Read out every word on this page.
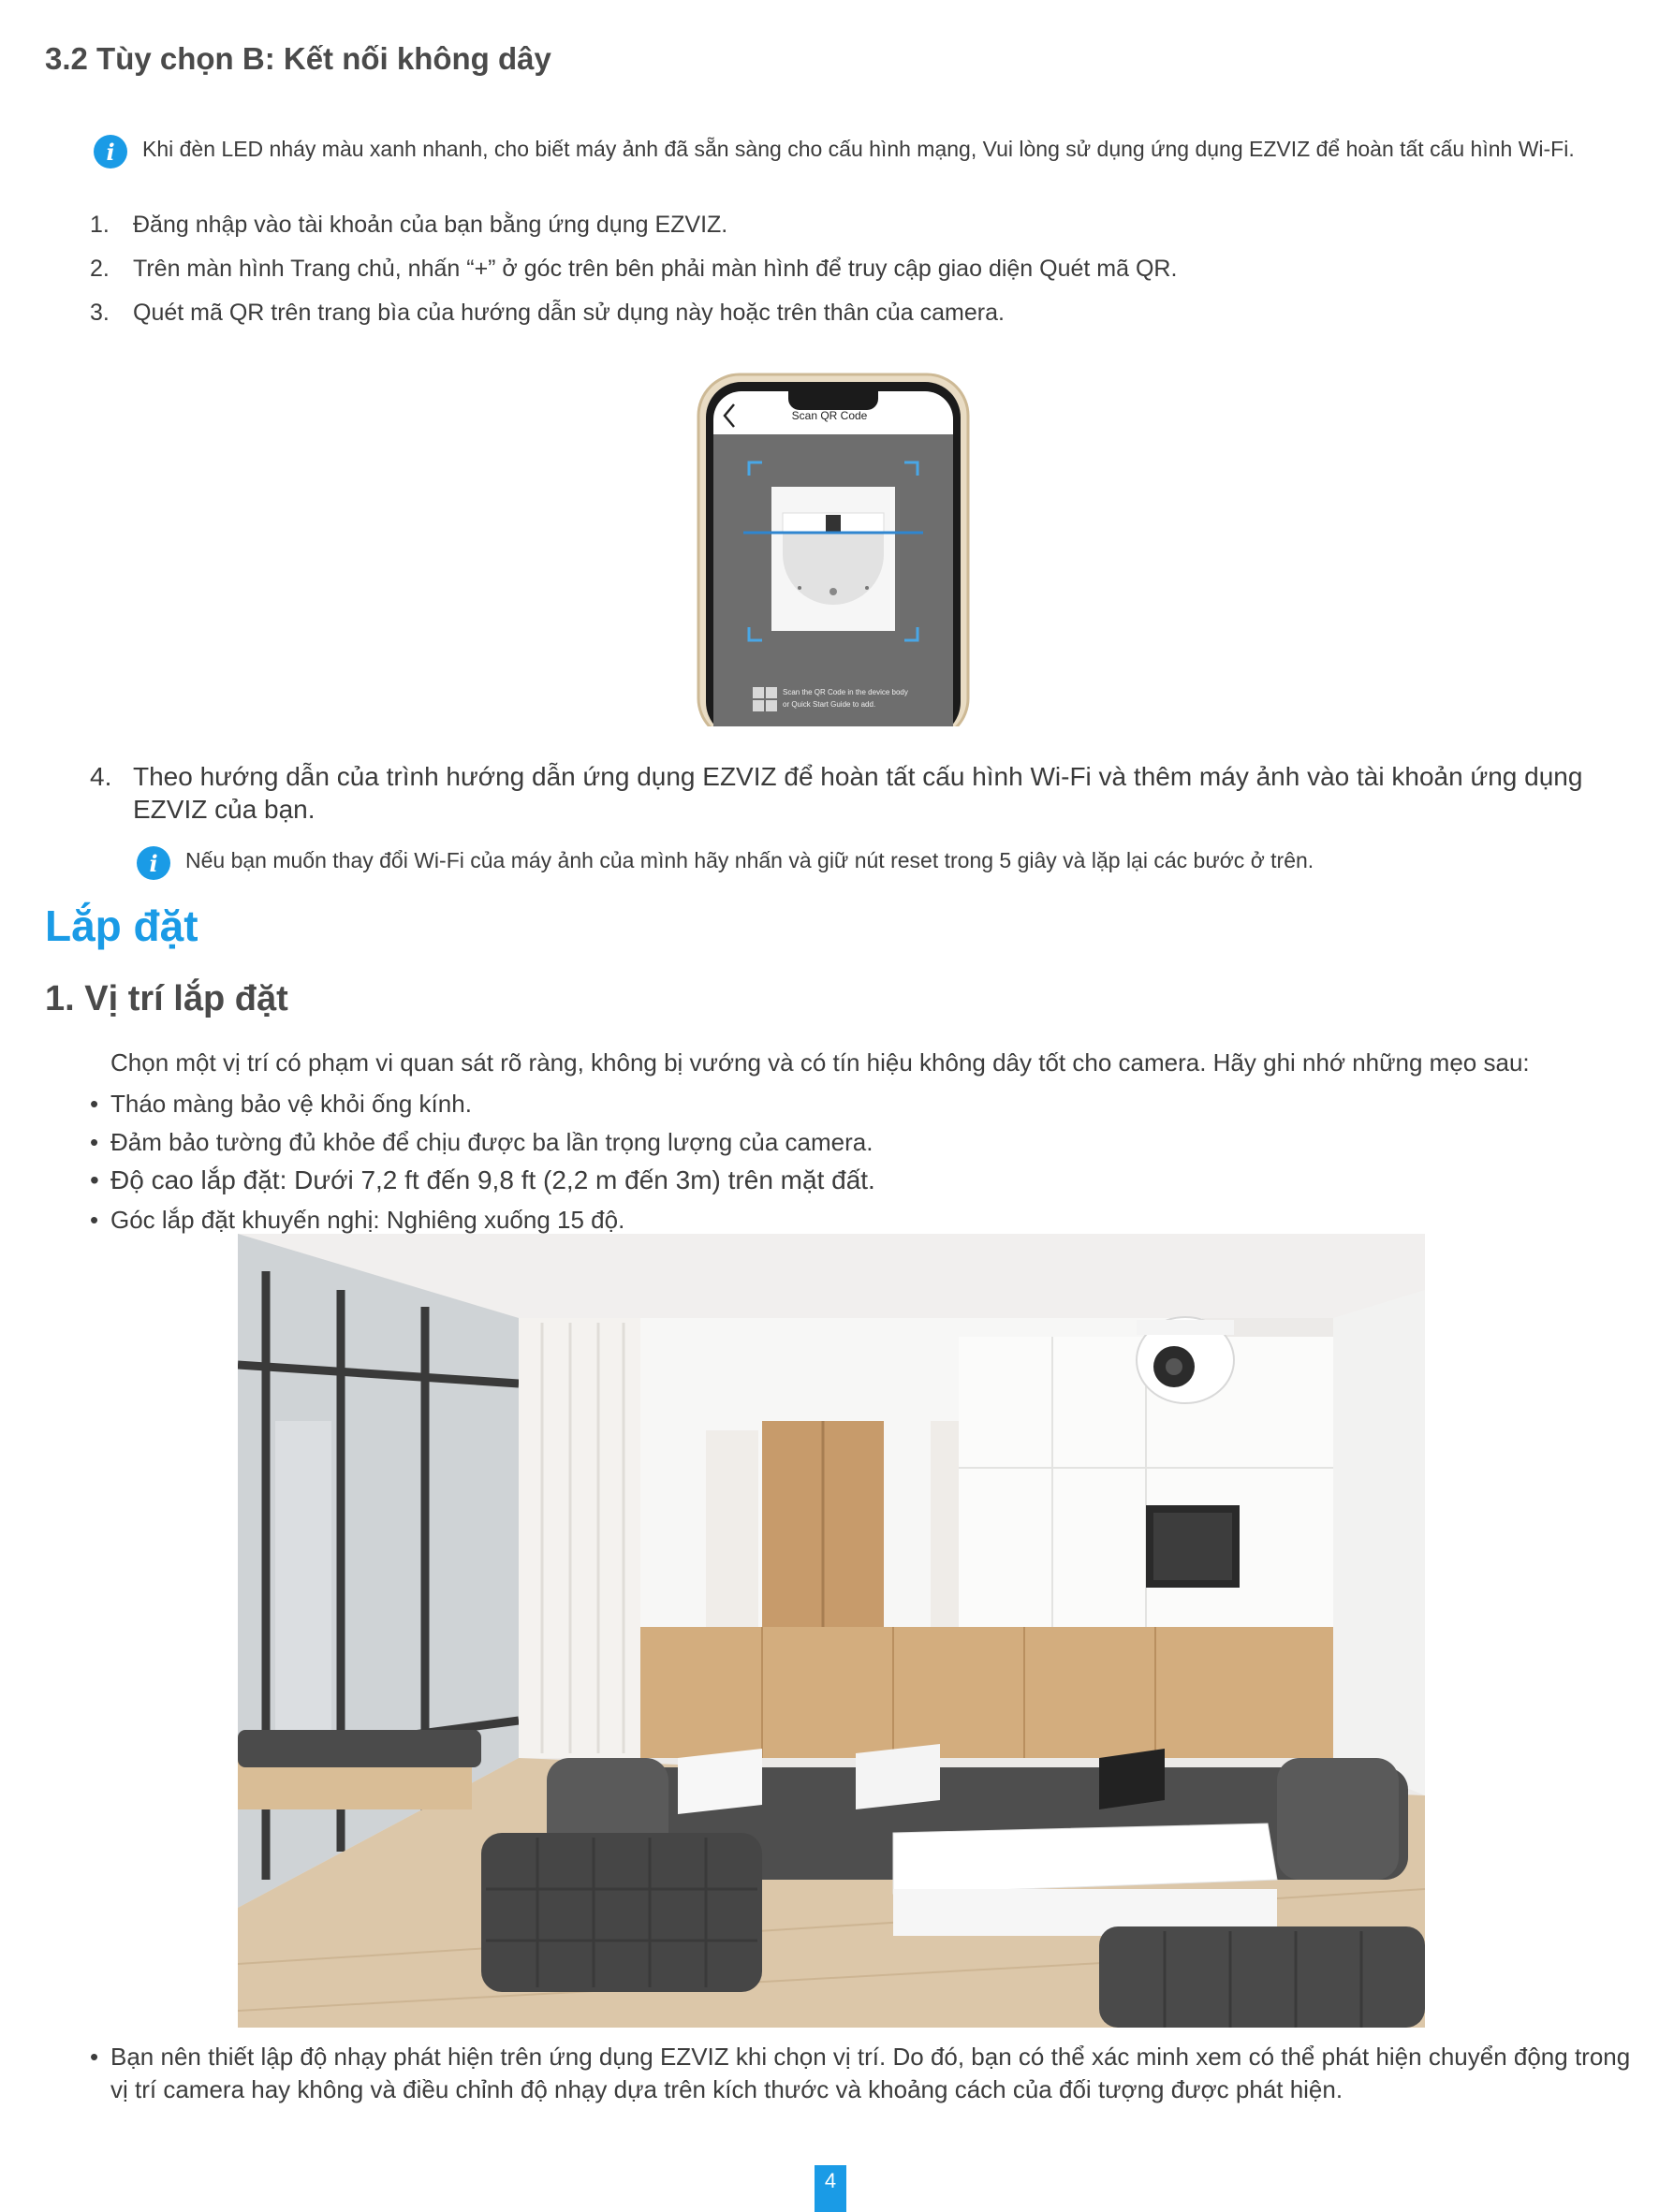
3.2 Tùy chọn B: Kết nối không dây
i	Khi đèn LED nháy màu xanh nhanh, cho biết máy ảnh đã sẵn sàng cho cấu hình mạng, Vui lòng sử dụng ứng dụng EZVIZ để hoàn tất cấu hình Wi-Fi.
1.	Đăng nhập vào tài khoản của bạn bằng ứng dụng EZVIZ.
2.	Trên màn hình Trang chủ, nhấn “+” ở góc trên bên phải màn hình để truy cập giao diện Quét mã QR.
3.	Quét mã QR trên trang bìa của hướng dẫn sử dụng này hoặc trên thân của camera.
Scan QR Code
Scan the QR Code in the device body
or Quick Start Guide to add.
4. Theo hướng dẫn của trình hướng dẫn ứng dụng EZVIZ để hoàn tất cấu hình Wi-Fi và thêm máy ảnh vào tài khoản ứng dụng EZVIZ của bạn.
i	Nếu bạn muốn thay đổi Wi-Fi của máy ảnh của mình hãy nhấn và giữ nút reset trong 5 giây và lặp lại các bước ở trên.
Lắp đặt
1. Vị trí lắp đặt
Chọn một vị trí có phạm vi quan sát rõ ràng, không bị vướng và có tín hiệu không dây tốt cho camera. Hãy ghi nhớ những mẹo sau:
• Tháo màng bảo vệ khỏi ống kính.
• Đảm bảo tường đủ khỏe để chịu được ba lần trọng lượng của camera.
• Độ cao lắp đặt: Dưới 7,2 ft đến 9,8 ft (2,2 m đến 3m) trên mặt đất.
• Góc lắp đặt khuyến nghị: Nghiêng xuống 15 độ.
• Bạn nên thiết lập độ nhạy phát hiện trên ứng dụng EZVIZ khi chọn vị trí. Do đó, bạn có thể xác minh xem có thể phát hiện chuyển động trong vị trí camera hay không và điều chỉnh độ nhạy dựa trên kích thước và khoảng cách của đối tượng được phát hiện.
4
